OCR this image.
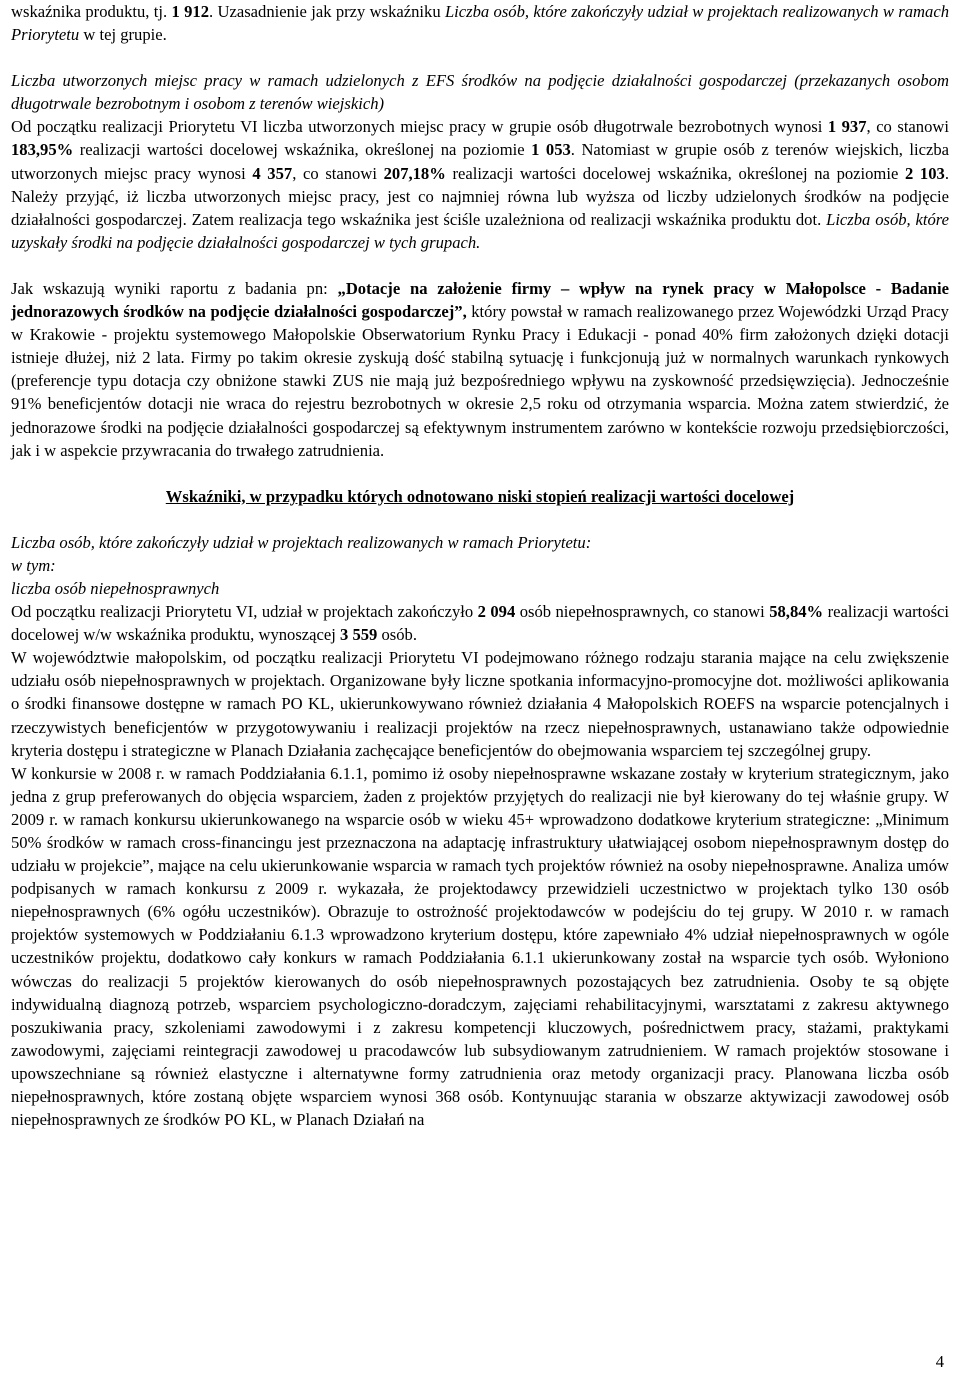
wskaźnika produktu, tj. 1 912. Uzasadnienie jak przy wskaźniku Liczba osób, które zakończyły udział w projektach realizowanych w ramach Priorytetu w tej grupie.

Liczba utworzonych miejsc pracy w ramach udzielonych z EFS środków na podjęcie działalności gospodarczej (przekazanych osobom długotrwale bezrobotnym i osobom z terenów wiejskich)

Od początku realizacji Priorytetu VI liczba utworzonych miejsc pracy w grupie osób długotrwale bezrobotnych wynosi 1 937, co stanowi 183,95% realizacji wartości docelowej wskaźnika, określonej na poziomie 1 053. Natomiast w grupie osób z terenów wiejskich, liczba utworzonych miejsc pracy wynosi 4 357, co stanowi 207,18% realizacji wartości docelowej wskaźnika, określonej na poziomie 2 103. Należy przyjąć, iż liczba utworzonych miejsc pracy, jest co najmniej równa lub wyższa od liczby udzielonych środków na podjęcie działalności gospodarczej. Zatem realizacja tego wskaźnika jest ściśle uzależniona od realizacji wskaźnika produktu dot. Liczba osób, które uzyskały środki na podjęcie działalności gospodarczej w tych grupach.

Jak wskazują wyniki raportu z badania pn: „Dotacje na założenie firmy – wpływ na rynek pracy w Małopolsce - Badanie jednorazowych środków na podjęcie działalności gospodarczej”, który powstał w ramach realizowanego przez Wojewódzki Urząd Pracy w Krakowie - projektu systemowego Małopolskie Obserwatorium Rynku Pracy i Edukacji - ponad 40% firm założonych dzięki dotacji istnieje dłużej, niż 2 lata. Firmy po takim okresie zyskują dość stabilną sytuację i funkcjonują już w normalnych warunkach rynkowych (preferencje typu dotacja czy obniżone stawki ZUS nie mają już bezpośredniego wpływu na zyskowność przedsięwzięcia). Jednocześnie 91% beneficjentów dotacji nie wraca do rejestru bezrobotnych w okresie 2,5 roku od otrzymania wsparcia. Można zatem stwierdzić, że jednorazowe środki na podjęcie działalności gospodarczej są efektywnym instrumentem zarówno w kontekście rozwoju przedsiębiorczości, jak i w aspekcie przywracania do trwałego zatrudnienia.

Wskaźniki, w przypadku których odnotowano niski stopień realizacji wartości docelowej

Liczba osób, które zakończyły udział w projektach realizowanych w ramach Priorytetu:

w tym:

liczba osób niepełnosprawnych

Od początku realizacji Priorytetu VI, udział w projektach zakończyło 2 094 osób niepełnosprawnych, co stanowi 58,84% realizacji wartości docelowej w/w wskaźnika produktu, wynoszącej 3 559 osób.

W województwie małopolskim, od początku realizacji Priorytetu VI podejmowano różnego rodzaju starania mające na celu zwiększenie udziału osób niepełnosprawnych w projektach. Organizowane były liczne spotkania informacyjno-promocyjne dot. możliwości aplikowania o środki finansowe dostępne w ramach PO KL, ukierunkowywano również działania 4 Małopolskich ROEFS na wsparcie potencjalnych i rzeczywistych beneficjentów w przygotowywaniu i realizacji projektów na rzecz niepełnosprawnych, ustanawiano także odpowiednie kryteria dostępu i strategiczne w Planach Działania zachęcające beneficjentów do obejmowania wsparciem tej szczególnej grupy.

W konkursie w 2008 r. w ramach Poddziałania 6.1.1, pomimo iż osoby niepełnosprawne wskazane zostały w kryterium strategicznym, jako jedna z grup preferowanych do objęcia wsparciem, żaden z projektów przyjętych do realizacji nie był kierowany do tej właśnie grupy. W 2009 r. w ramach konkursu ukierunkowanego na wsparcie osób w wieku 45+ wprowadzono dodatkowe kryterium strategiczne: „Minimum 50% środków w ramach cross-financingu jest przeznaczona na adaptację infrastruktury ułatwiającej osobom niepełnosprawnym dostęp do udziału w projekcie”, mające na celu ukierunkowanie wsparcia w ramach tych projektów również na osoby niepełnosprawne. Analiza umów podpisanych w ramach konkursu z 2009 r. wykazała, że projektodawcy przewidzieli uczestnictwo w projektach tylko 130 osób niepełnosprawnych (6% ogółu uczestników). Obrazuje to ostrożność projektodawców w podejściu do tej grupy. W 2010 r. w ramach projektów systemowych w Poddziałaniu 6.1.3 wprowadzono kryterium dostępu, które zapewniało 4% udział niepełnosprawnych w ogóle uczestników projektu, dodatkowo cały konkurs w ramach Poddziałania 6.1.1 ukierunkowany został na wsparcie tych osób. Wyłoniono wówczas do realizacji 5 projektów kierowanych do osób niepełnosprawnych pozostających bez zatrudnienia. Osoby te są objęte indywidualną diagnozą potrzeb, wsparciem psychologiczno-doradczym, zajęciami rehabilitacyjnymi, warsztatami z zakresu aktywnego poszukiwania pracy, szkoleniami zawodowymi i z zakresu kompetencji kluczowych, pośrednictwem pracy, stażami, praktykami zawodowymi, zajęciami reintegracji zawodowej u pracodawców lub subsydiowanym zatrudnieniem. W ramach projektów stosowane i upowszechniane są również elastyczne i alternatywne formy zatrudnienia oraz metody organizacji pracy. Planowana liczba osób niepełnosprawnych, które zostaną objęte wsparciem wynosi 368 osób. Kontynuując starania w obszarze aktywizacji zawodowej osób niepełnosprawnych ze środków PO KL, w Planach Działań na

4
